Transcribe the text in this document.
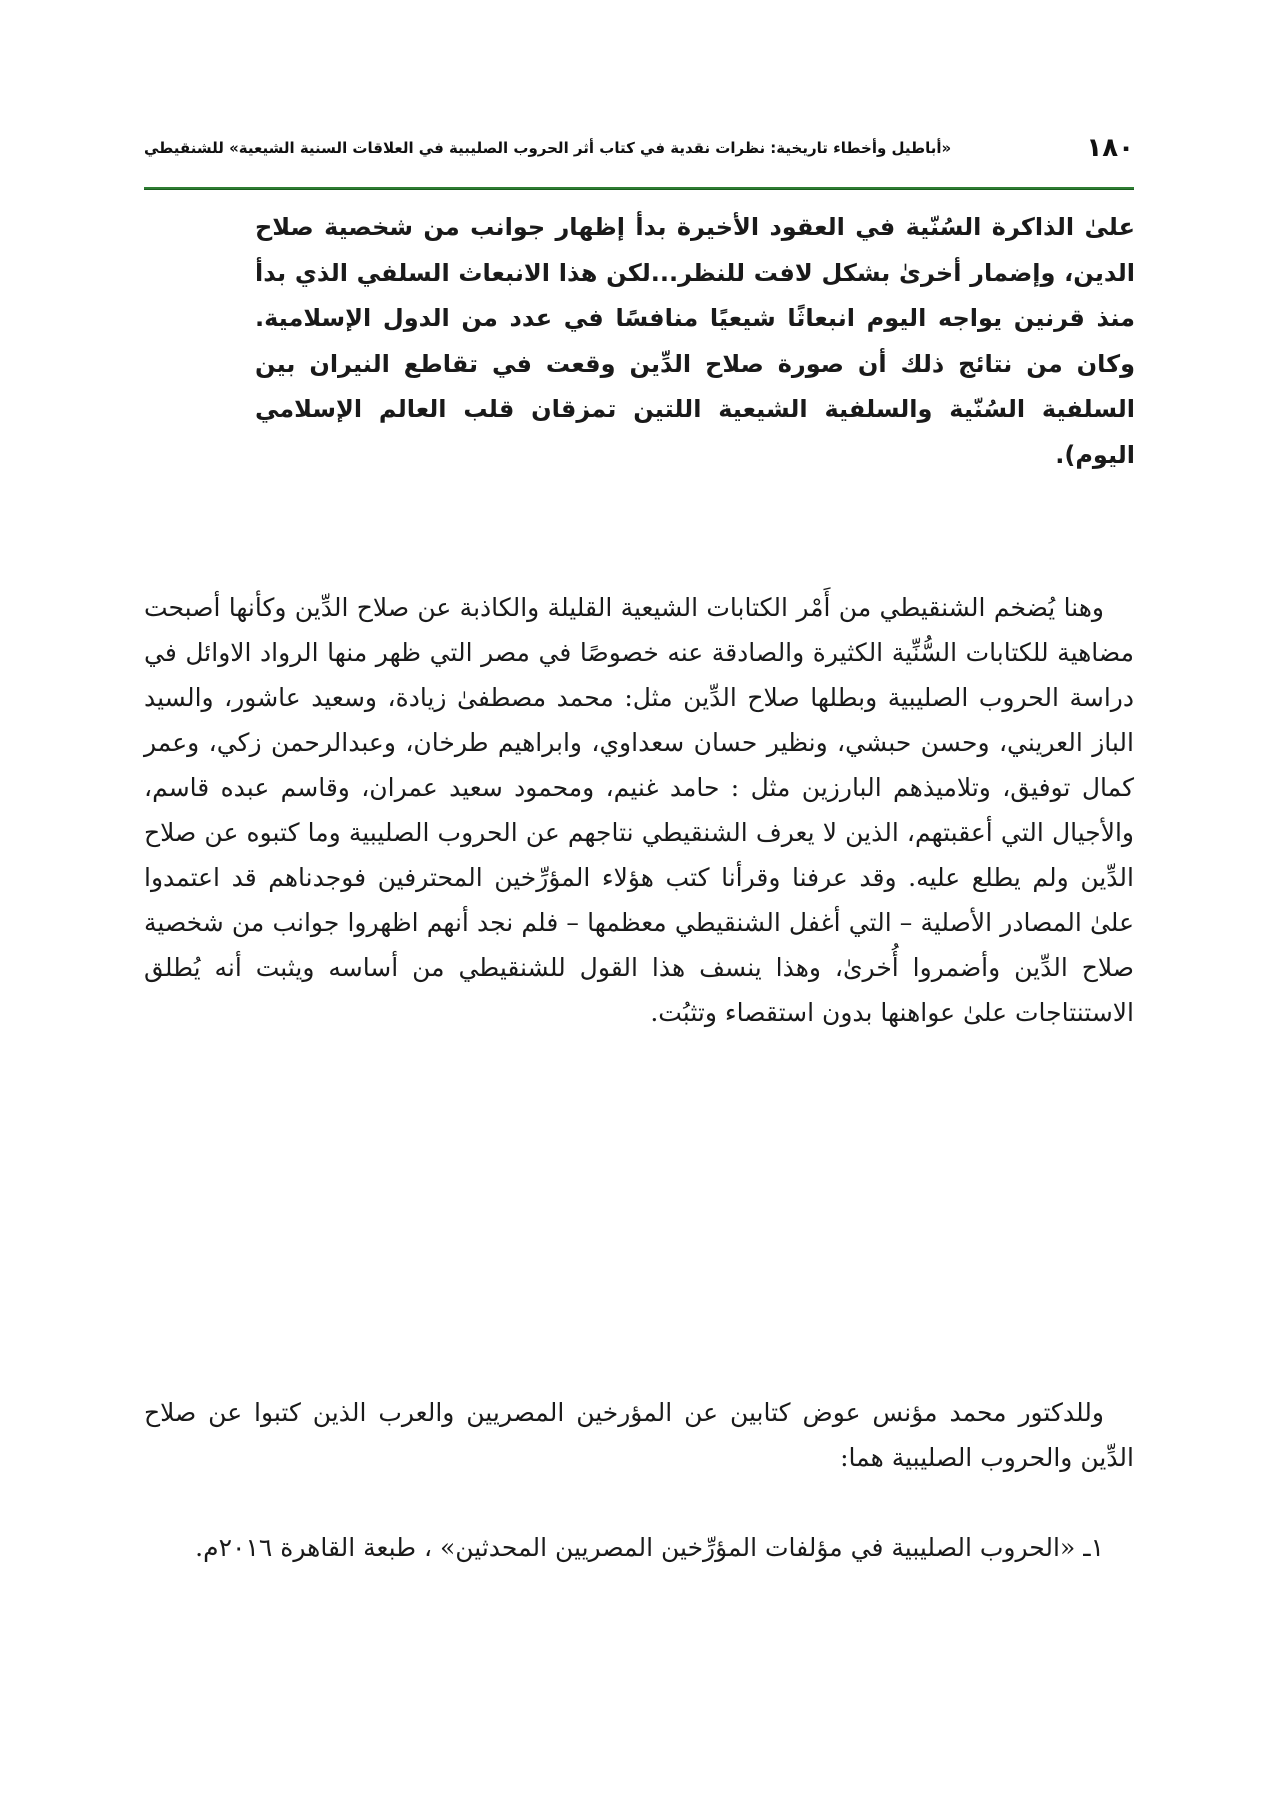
١٨٠
«أباطيل وأخطاء تاريخية: نظرات نقدية في كتاب أثر الحروب الصليبية في العلاقات السنية الشيعية» للشنقيطي

علىٰ الذاكرة السُنّية في العقود الأخيرة بدأ إظهار جوانب من شخصية صلاح الدين، وإضمار أخرىٰ بشكل لافت للنظر...لكن هذا الانبعاث السلفي الذي بدأ منذ قرنين يواجه اليوم انبعاثًا شيعيًا منافسًا في عدد من الدول الإسلامية. وكان من نتائج ذلك أن صورة صلاح الدِّين وقعت في تقاطع النيران بين السلفية السُنّية والسلفية الشيعية اللتين تمزقان قلب العالم الإسلامي اليوم).

وهنا يُضخم الشنقيطي من أَمْر الكتابات الشيعية القليلة والكاذبة عن صلاح الدِّين وكأنها أصبحت مضاهية للكتابات السُّنِّية الكثيرة والصادقة عنه خصوصًا في مصر التي ظهر منها الرواد الاوائل في دراسة الحروب الصليبية وبطلها صلاح الدِّين مثل: محمد مصطفىٰ زيادة، وسعيد عاشور، والسيد الباز العريني، وحسن حبشي، ونظير حسان سعداوي، وابراهيم طرخان، وعبدالرحمن زكي، وعمر كمال توفيق، وتلاميذهم البارزين مثل : حامد غنيم، ومحمود سعيد عمران، وقاسم عبده قاسم، والأجيال التي أعقبتهم، الذين لا يعرف الشنقيطي نتاجهم عن الحروب الصليبية وما كتبوه عن صلاح الدِّين ولم يطلع عليه. وقد عرفنا وقرأنا كتب هؤلاء المؤرِّخين المحترفين فوجدناهم قد اعتمدوا علىٰ المصادر الأصلية – التي أغفل الشنقيطي معظمها – فلم نجد أنهم اظهروا جوانب من شخصية صلاح الدِّين وأضمروا أُخرىٰ، وهذا ينسف هذا القول للشنقيطي من أساسه ويثبت أنه يُطلق الاستنتاجات علىٰ عواهنها بدون استقصاء وتثبُت.

وللدكتور محمد مؤنس عوض كتابين عن المؤرخين المصريين والعرب الذين كتبوا عن صلاح الدِّين والحروب الصليبية هما:

١ـ «الحروب الصليبية في مؤلفات المؤرِّخين المصريين المحدثين» ، طبعة القاهرة ٢٠١٦م.
